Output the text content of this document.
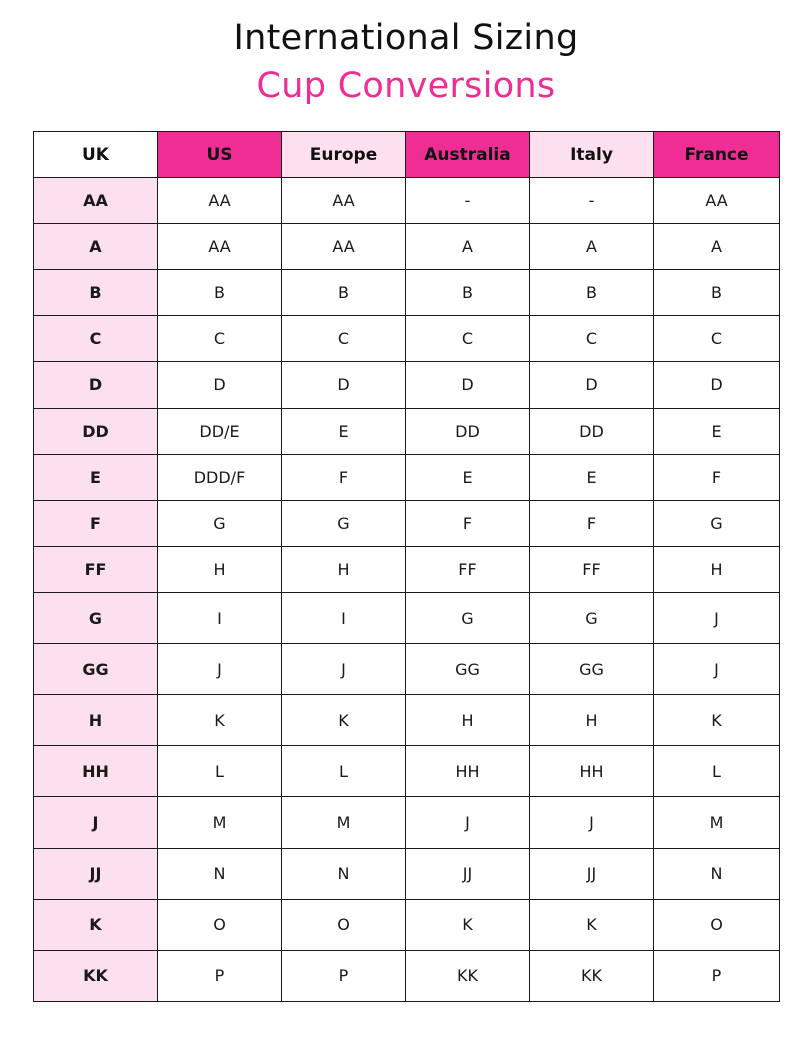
International Sizing
Cup Conversions
UK	US	Europe	Australia	Italy	France
AA	AA	AA	-	-	AA
A	AA	AA	A	A	A
B	B	B	B	B	B
C	C	C	C	C	C
D	D	D	D	D	D
DD	DD/E	E	DD	DD	E
E	DDD/F	F	E	E	F
F	G	G	F	F	G
FF	H	H	FF	FF	H
G	I	I	G	G	J
GG	J	J	GG	GG	J
H	K	K	H	H	K
HH	L	L	HH	HH	L
J	M	M	J	J	M
JJ	N	N	JJ	JJ	N
K	O	O	K	K	O
KK	P	P	KK	KK	P
